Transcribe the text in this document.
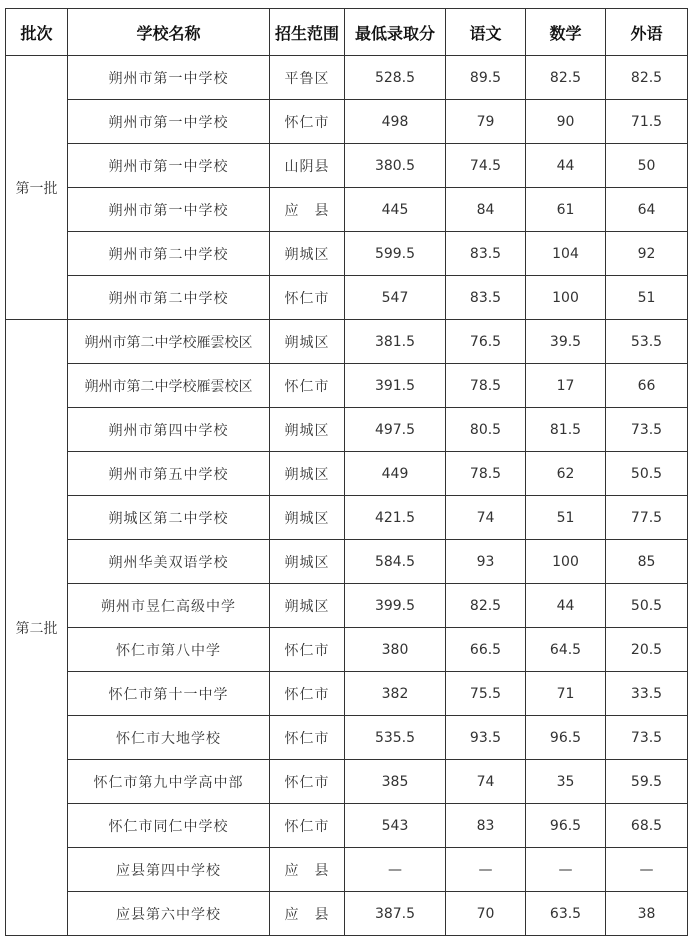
批次	学校名称	招生范围	最低录取分	语文	数学	外语
第一批	朔州市第一中学校	平鲁区	528.5	89.5	82.5	82.5
	朔州市第一中学校	怀仁市	498	79	90	71.5
	朔州市第一中学校	山阴县	380.5	74.5	44	50
	朔州市第一中学校	应　县	445	84	61	64
	朔州市第二中学校	朔城区	599.5	83.5	104	92
	朔州市第二中学校	怀仁市	547	83.5	100	51
第二批	朔州市第二中学校雁雲校区	朔城区	381.5	76.5	39.5	53.5
	朔州市第二中学校雁雲校区	怀仁市	391.5	78.5	17	66
	朔州市第四中学校	朔城区	497.5	80.5	81.5	73.5
	朔州市第五中学校	朔城区	449	78.5	62	50.5
	朔城区第二中学校	朔城区	421.5	74	51	77.5
	朔州华美双语学校	朔城区	584.5	93	100	85
	朔州市昱仁高级中学	朔城区	399.5	82.5	44	50.5
	怀仁市第八中学	怀仁市	380	66.5	64.5	20.5
	怀仁市第十一中学	怀仁市	382	75.5	71	33.5
	怀仁市大地学校	怀仁市	535.5	93.5	96.5	73.5
	怀仁市第九中学高中部	怀仁市	385	74	35	59.5
	怀仁市同仁中学校	怀仁市	543	83	96.5	68.5
	应县第四中学校	应　县	—	—	—	—
	应县第六中学校	应　县	387.5	70	63.5	38
